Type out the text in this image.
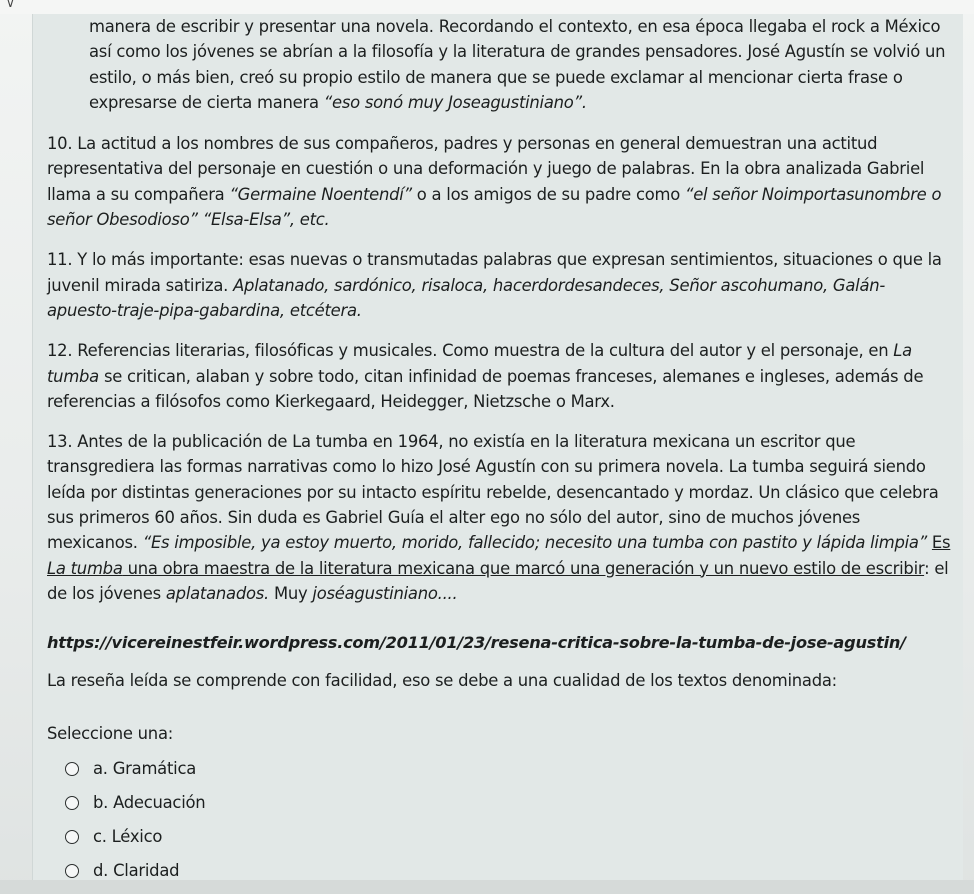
∨

manera de escribir y presentar una novela. Recordando el contexto, en esa época llegaba el rock a México así como los jóvenes se abrían a la filosofía y la literatura de grandes pensadores. José Agustín se volvió un estilo, o más bien, creó su propio estilo de manera que se puede exclamar al mencionar cierta frase o expresarse de cierta manera “eso sonó muy Joseagustiniano”.

10. La actitud a los nombres de sus compañeros, padres y personas en general demuestran una actitud representativa del personaje en cuestión o una deformación y juego de palabras. En la obra analizada Gabriel llama a su compañera “Germaine Noentendí” o a los amigos de su padre como “el señor Noimportasunombre o señor Obesodioso” “Elsa-Elsa”, etc.

11. Y lo más importante: esas nuevas o transmutadas palabras que expresan sentimientos, situaciones o que la juvenil mirada satiriza. Aplatanado, sardónico, risaloca, hacerdordesandeces, Señor ascohumano, Galán-apuesto-traje-pipa-gabardina, etcétera.

12. Referencias literarias, filosóficas y musicales. Como muestra de la cultura del autor y el personaje, en La tumba se critican, alaban y sobre todo, citan infinidad de poemas franceses, alemanes e ingleses, además de referencias a filósofos como Kierkegaard, Heidegger, Nietzsche o Marx.

13. Antes de la publicación de La tumba en 1964, no existía en la literatura mexicana un escritor que transgrediera las formas narrativas como lo hizo José Agustín con su primera novela. La tumba seguirá siendo leída por distintas generaciones por su intacto espíritu rebelde, desencantado y mordaz. Un clásico que celebra sus primeros 60 años. Sin duda es Gabriel Guía el alter ego no sólo del autor, sino de muchos jóvenes mexicanos. “Es imposible, ya estoy muerto, morido, fallecido; necesito una tumba con pastito y lápida limpia” Es La tumba una obra maestra de la literatura mexicana que marcó una generación y un nuevo estilo de escribir: el de los jóvenes aplatanados. Muy joséagustiniano....

https://vicereinestfeir.wordpress.com/2011/01/23/resena-critica-sobre-la-tumba-de-jose-agustin/

La reseña leída se comprende con facilidad, eso se debe a una cualidad de los textos denominada:

Seleccione una:

a. Gramática
b. Adecuación
c. Léxico
d. Claridad
